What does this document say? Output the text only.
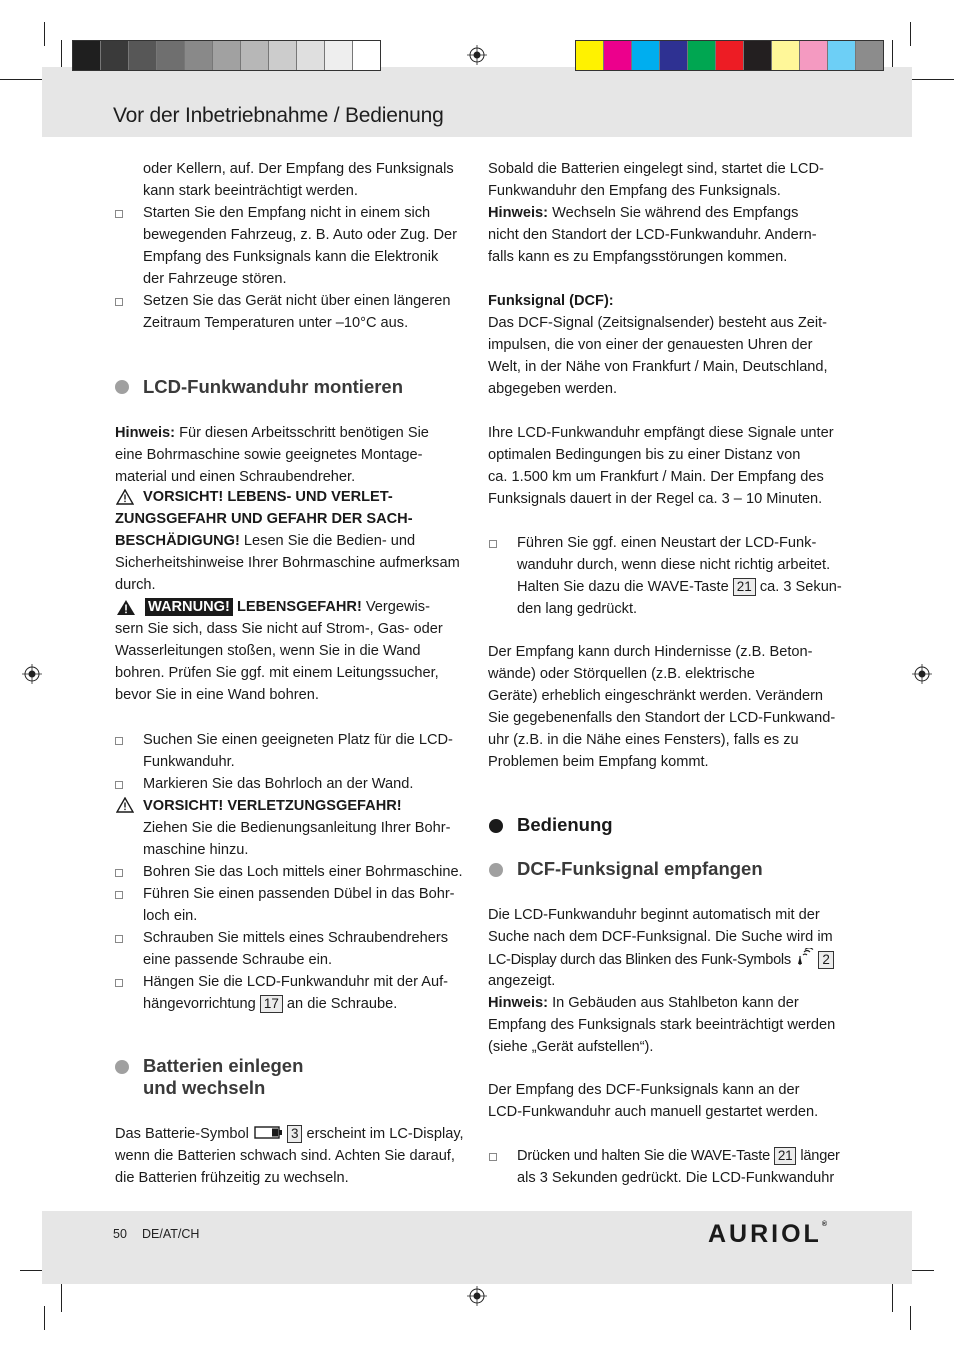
Vor der Inbetriebnahme / Bedienung
oder Kellern, auf. Der Empfang des Funksignals
kann stark beeinträchtigt werden.
Starten Sie den Empfang nicht in einem sich
bewegenden Fahrzeug, z. B. Auto oder Zug. Der
Empfang des Funksignals kann die Elektronik
der Fahrzeuge stören.
Setzen Sie das Gerät nicht über einen längeren
Zeitraum Temperaturen unter –10°C aus.
LCD-Funkwanduhr montieren
Hinweis: Für diesen Arbeitsschritt benötigen Sie
eine Bohrmaschine sowie geeignetes Montage-
material und einen Schraubendreher.
VORSICHT! LEBENS- UND VERLET-
ZUNGSGEFAHR UND GEFAHR DER SACH-
BESCHÄDIGUNG! Lesen Sie die Bedien- und
Sicherheitshinweise Ihrer Bohrmaschine aufmerksam
durch.
WARNUNG! LEBENSGEFAHR! Vergewis-
sern Sie sich, dass Sie nicht auf Strom-, Gas- oder
Wasserleitungen stoßen, wenn Sie in die Wand
bohren. Prüfen Sie ggf. mit einem Leitungssucher,
bevor Sie in eine Wand bohren.
Suchen Sie einen geeigneten Platz für die LCD-
Funkwanduhr.
Markieren Sie das Bohrloch an der Wand.
VORSICHT! VERLETZUNGSGEFAHR!
Ziehen Sie die Bedienungsanleitung Ihrer Bohr-
maschine hinzu.
Bohren Sie das Loch mittels einer Bohrmaschine.
Führen Sie einen passenden Dübel in das Bohr-
loch ein.
Schrauben Sie mittels eines Schraubendrehers
eine passende Schraube ein.
Hängen Sie die LCD-Funkwanduhr mit der Auf-
hängevorrichtung 17 an die Schraube.
Batterien einlegen
und wechseln
Das Batterie-Symbol	3 erscheint im LC-Display,
wenn die Batterien schwach sind. Achten Sie darauf,
die Batterien frühzeitig zu wechseln.
Sobald die Batterien eingelegt sind, startet die LCD-
Funkwanduhr den Empfang des Funksignals.
Hinweis: Wechseln Sie während des Empfangs
nicht den Standort der LCD-Funkwanduhr. Andern-
falls kann es zu Empfangsstörungen kommen.
Funksignal (DCF):
Das DCF-Signal (Zeitsignalsender) besteht aus Zeit-
impulsen, die von einer der genauesten Uhren der
Welt, in der Nähe von Frankfurt / Main, Deutschland,
abgegeben werden.
Ihre LCD-Funkwanduhr empfängt diese Signale unter
optimalen Bedingungen bis zu einer Distanz von
ca. 1.500 km um Frankfurt / Main. Der Empfang des
Funksignals dauert in der Regel ca. 3 – 10 Minuten.
Führen Sie ggf. einen Neustart der LCD-Funk-
wanduhr durch, wenn diese nicht richtig arbeitet.
Halten Sie dazu die WAVE-Taste 21 ca. 3 Sekun-
den lang gedrückt.
Der Empfang kann durch Hindernisse (z.B. Beton-
wände) oder Störquellen (z.B. elektrische
Geräte) erheblich eingeschränkt werden. Verändern
Sie gegebenenfalls den Standort der LCD-Funkwand-
uhr (z.B. in die Nähe eines Fensters), falls es zu
Problemen beim Empfang kommt.
Bedienung
DCF-Funksignal empfangen
Die LCD-Funkwanduhr beginnt automatisch mit der
Suche nach dem DCF-Funksignal. Die Suche wird im
LC-Display durch das Blinken des Funk-Symbols  2
angezeigt.
Hinweis: In Gebäuden aus Stahlbeton kann der
Empfang des Funksignals stark beeinträchtigt werden
(siehe „Gerät aufstellen“).
Der Empfang des DCF-Funksignals kann an der
LCD-Funkwanduhr auch manuell gestartet werden.
Drücken und halten Sie die WAVE-Taste 21 länger
als 3 Sekunden gedrückt. Die LCD-Funkwanduhr
50 DE/AT/CH	AURIOL®
